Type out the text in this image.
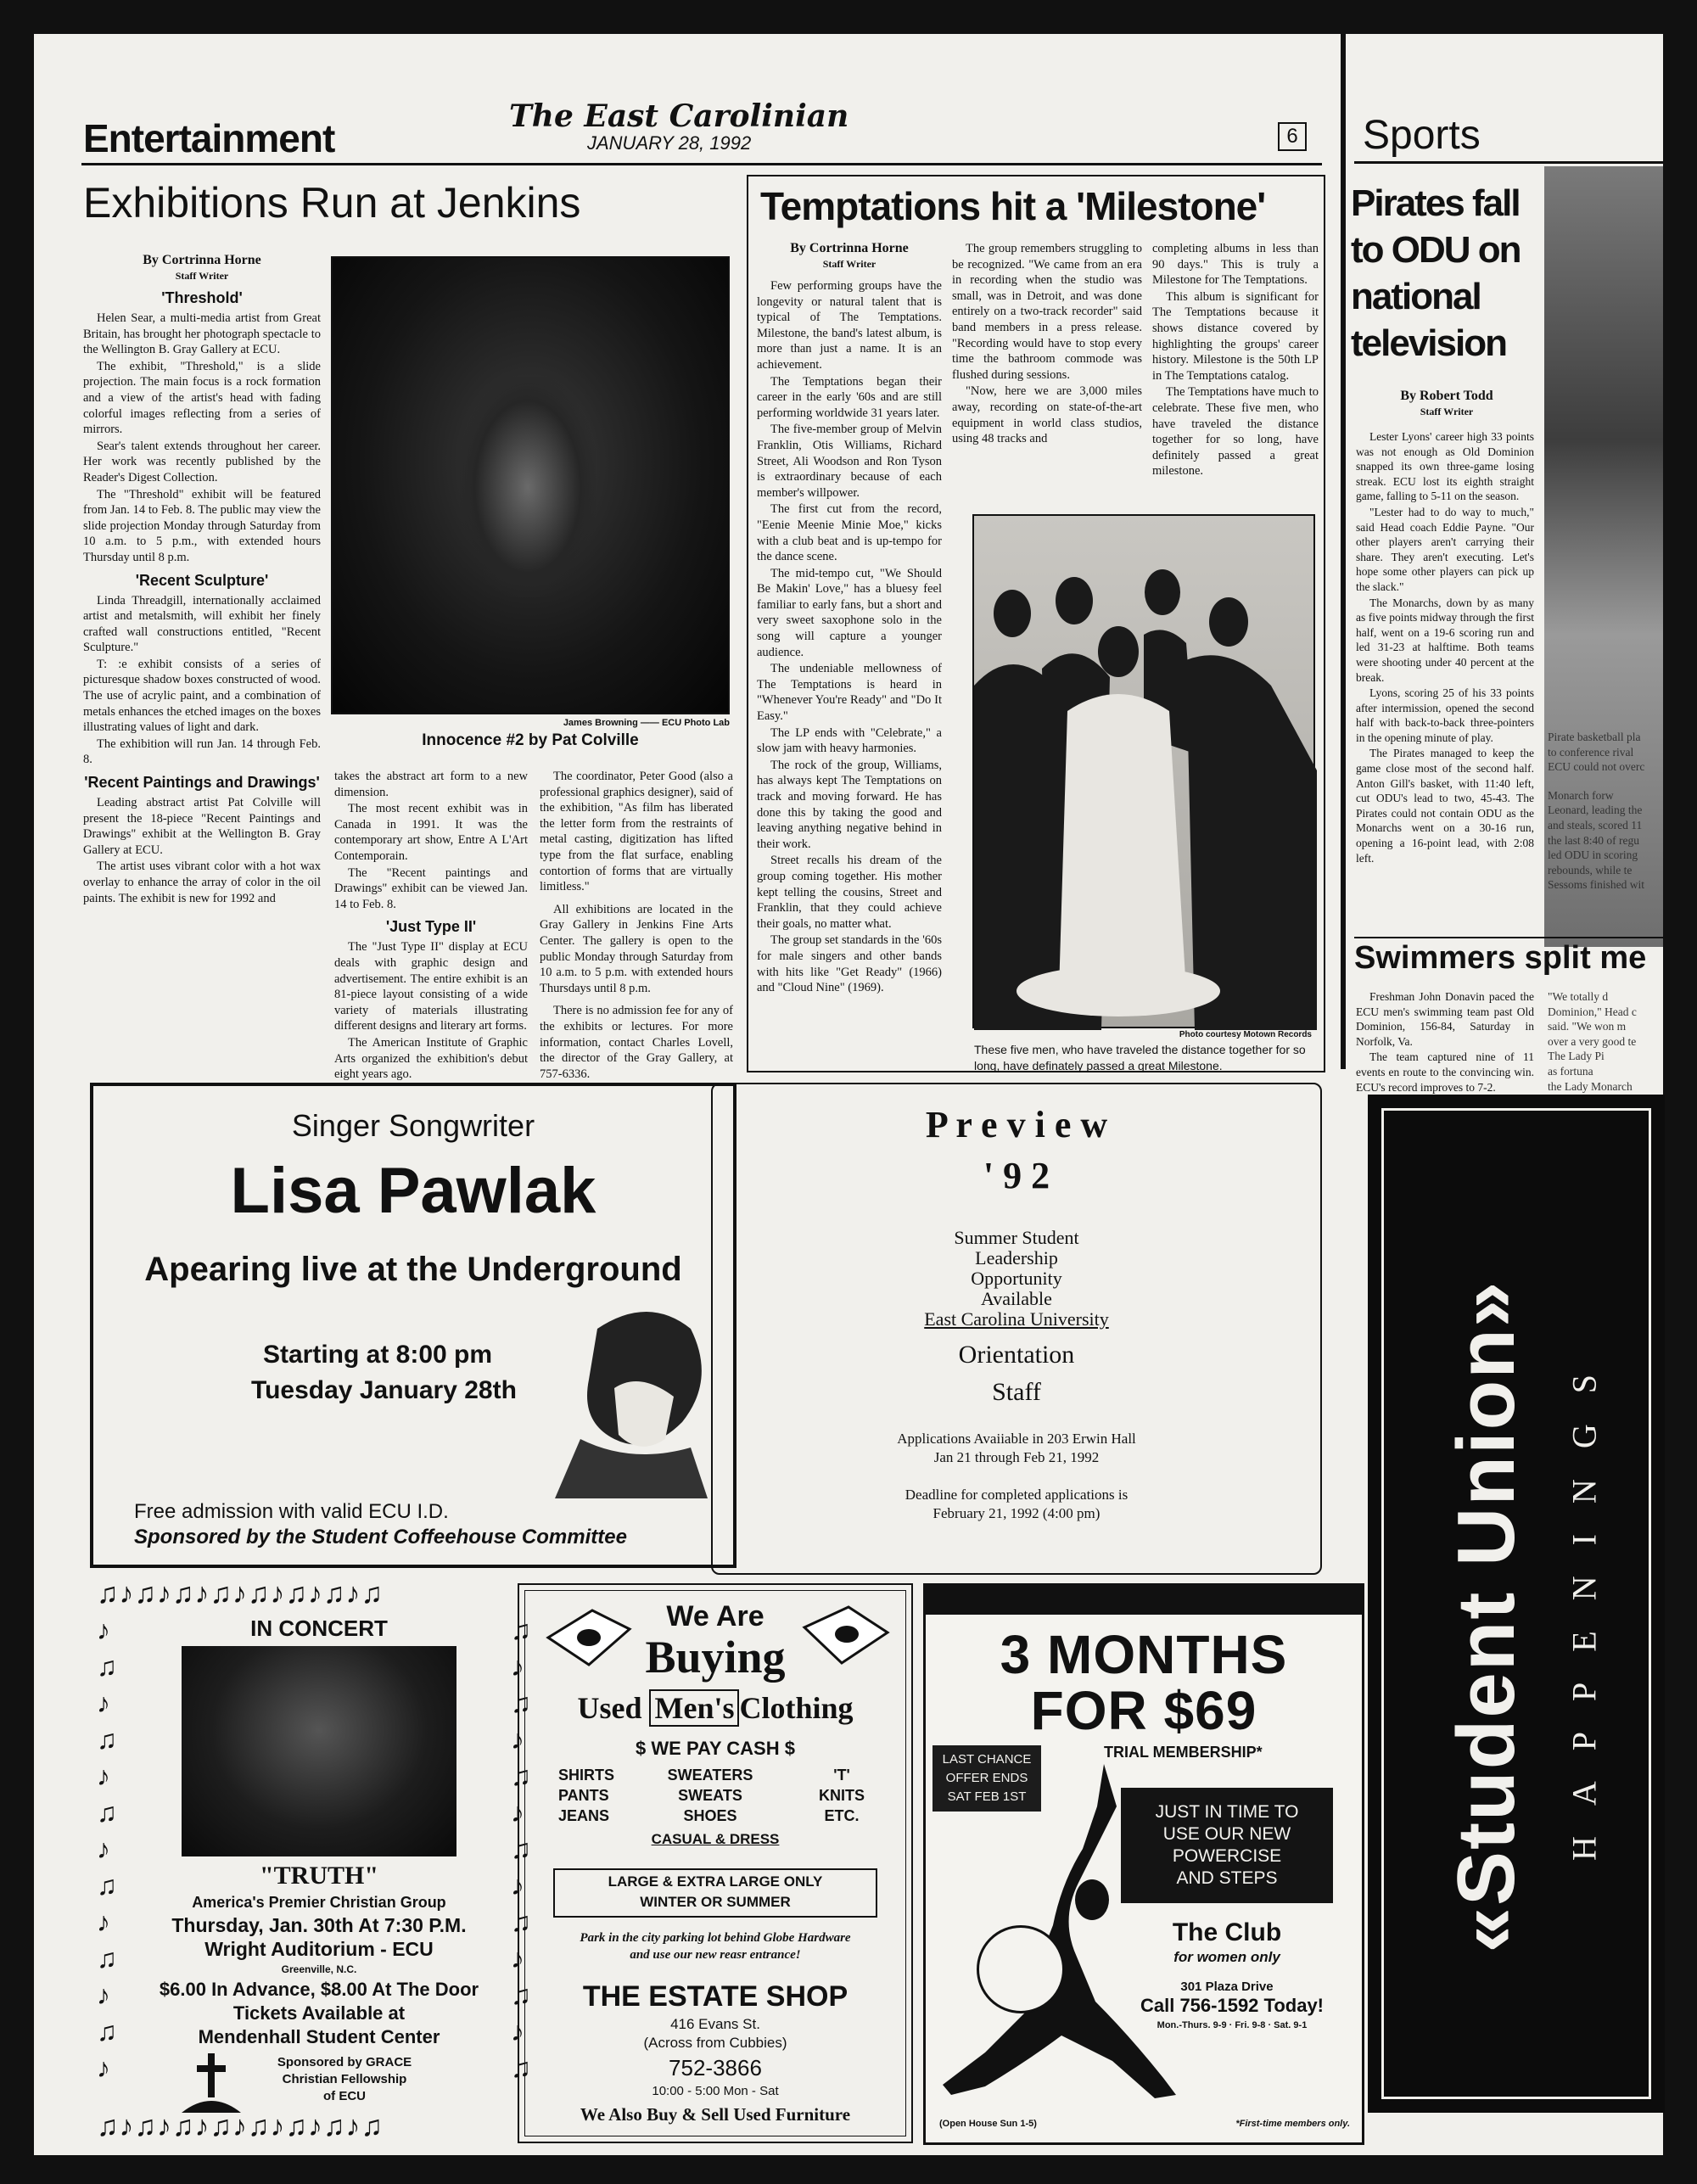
Entertainment	The East Carolinian
JANUARY 28, 1992	6 Sports
Exhibitions Run at Jenkins
By Cortrinna Horne
Staff Writer
'Threshold'

Helen Sear, a multi-media artist from Great Britain, has brought her photograph spectacle to the Wellington B. Gray Gallery at ECU.

The exhibit, "Threshold," is a slide projection. The main focus is a rock formation and a view of the artist's head with fading colorful images reflecting from a series of mirrors.

Sear's talent extends throughout her career. Her work was recently published by the Reader's Digest Collection.

The "Threshold" exhibit will be featured from Jan. 14 to Feb. 8. The public may view the slide projection Monday through Saturday from 10 a.m. to 5 p.m., with extended hours Thursday until 8 p.m.

'Recent Sculpture'

Linda Threadgill, internationally acclaimed artist and metalsmith, will exhibit her finely crafted wall constructions entitled, "Recent Sculpture."

T: :e exhibit consists of a series of picturesque shadow boxes constructed of wood. The use of acrylic paint, and a combination of metals enhances the etched images on the boxes illustrating values of light and dark.

The exhibition will run Jan. 14 through Feb. 8.

'Recent Paintings and Drawings'

Leading abstract artist Pat Colville will present the 18-piece "Recent Paintings and Drawings" exhibit at the Wellington B. Gray Gallery at ECU.

The artist uses vibrant color with a hot wax overlay to enhance the array of color in the oil paints. The exhibit is new for 1992 and

James Browning —— ECU Photo Lab
Innocence #2 by Pat Colville

takes the abstract art form to a new dimension.

The most recent exhibit was in Canada in 1991. It was the contemporary art show, Entre A L'Art Contemporain.

The "Recent paintings and Drawings" exhibit can be viewed Jan. 14 to Feb. 8.

'Just Type II'

The "Just Type II" display at ECU deals with graphic design and advertisement. The entire exhibit is an 81-piece layout consisting of a wide variety of materials illustrating different designs and literary art forms.

The American Institute of Graphic Arts organized the exhibition's debut eight years ago.

The coordinator, Peter Good (also a professional graphics designer), said of the exhibition, "As film has liberated the letter form from the restraints of metal casting, digitization has lifted type from the flat surface, enabling contortion of forms that are virtually limitless."

All exhibitions are located in the Gray Gallery in Jenkins Fine Arts Center. The gallery is open to the public Monday through Saturday from 10 a.m. to 5 p.m. with extended hours Thursdays until 8 p.m.

There is no admission fee for any of the exhibits or lectures. For more information, contact Charles Lovell, the director of the Gray Gallery, at 757-6336.

Temptations hit a 'Milestone'
By Cortrinna Horne
Staff Writer

Few performing groups have the longevity or natural talent that is typical of The Temptations. Milestone, the band's latest album, is more than just a name. It is an achievement.

The Temptations began their career in the early '60s and are still performing worldwide 31 years later.

The five-member group of Melvin Franklin, Otis Williams, Richard Street, Ali Woodson and Ron Tyson is extraordinary because of each member's willpower.

The first cut from the record, "Eenie Meenie Minie Moe," kicks with a club beat and is up-tempo for the dance scene.

The mid-tempo cut, "We Should Be Makin' Love," has a bluesy feel familiar to early fans, but a short and very sweet saxophone solo in the song will capture a younger audience.

The undeniable mellowness of The Temptations is heard in "Whenever You're Ready" and "Do It Easy."

The LP ends with "Celebrate," a slow jam with heavy harmonies.

The rock of the group, Williams, has always kept The Temptations on track and moving forward. He has done this by taking the good and leaving anything negative behind in their work.

Street recalls his dream of the group coming together. His mother kept telling the cousins, Street and Franklin, that they could achieve their goals, no matter what.

The group set standards in the '60s for male singers and other bands with hits like "Get Ready" (1966) and "Cloud Nine" (1969).

The group remembers struggling to be recognized. "We came from an era in recording when the studio was small, was in Detroit, and was done entirely on a two-track recorder" said band members in a press release. "Recording would have to stop every time the bathroom commode was flushed during sessions.

"Now, here we are 3,000 miles away, recording on state-of-the-art equipment in world class studios, using 48 tracks and

completing albums in less than 90 days." This is truly a Milestone for The Temptations.

This album is significant for The Temptations because it shows distance covered by highlighting the groups' career history. Milestone is the 50th LP in The Temptations catalog.

The Temptations have much to celebrate. These five men, who have traveled the distance together for so long, have definitely passed a great milestone.

Photo courtesy Motown Records
These five men, who have traveled the distance together for so long, have definately passed a great Milestone.
Pirates fall to ODU on national television
By Robert Todd
Staff Writer

Lester Lyons' career high 33 points was not enough as Old Dominion snapped its own three-game losing streak. ECU lost its eighth straight game, falling to 5-11 on the season.

"Lester had to do way to much," said Head coach Eddie Payne. "Our other players aren't carrying their share. They aren't executing. Let's hope some other players can pick up the slack."

The Monarchs, down by as many as five points midway through the first half, went on a 19-6 scoring run and led 31-23 at halftime. Both teams were shooting under 40 percent at the break.

Lyons, scoring 25 of his 33 points after intermission, opened the second half with back-to-back three-pointers in the opening minute of play.

The Pirates managed to keep the game close most of the second half. Anton Gill's basket, with 11:40 left, cut ODU's lead to two, 45-43. The Pirates could not contain ODU as the Monarchs went on a 30-16 run, opening a 16-point lead, with 2:08 left.

Pirate basketball pla
to conference rival
ECU could not overc
Monarch forw
Leonard, leading the
and steals, scored 11
the last 8:40 of regu
led ODU in scoring
rebounds, while te
Sessoms finished wit
Swimmers split me

Freshman John Donavin paced the ECU men's swimming team past Old Dominion, 156-84, Saturday in Norfolk, Va.

The team captured nine of 11 events en route to the convincing win. ECU's record improves to 7-2.

"We totally d
Dominion," Head c
said. "We won m
over a very good te
The Lady Pi
as fortuna
the Lady Monarch
Singer Songwriter
Lisa Pawlak
Apearing live at the Underground
Starting at 8:00 pm
Tuesday January 28th
Free admission with valid ECU I.D.
Sponsored by the Student Coffeehouse Committee
P r e v i e w
' 9 2
Summer Student
Leadership
Opportunity
Available
East Carolina University
Orientation
Staff
Applications Avaiiable in 203 Erwin Hall
Jan 21 through Feb 21, 1992
Deadline for completed applications is
February 21, 1992 (4:00 pm)	«Student Union» HAPPENINGS
♫♪♫♪♫♪♫♪♫♪♫♪♫♪♫
♪
♫
♪
♫
♪
♫
♪
♫
♪
♫
♪
♫
♪
♫
♪
♫
♪
♫
♪
♫
♪
♫
♪
♫
♪
♫
IN CONCERT
"TRUTH"
America's Premier Christian Group
Thursday, Jan. 30th At 7:30 P.M.
Wright Auditorium - ECU
Greenville, N.C.
$6.00 In Advance, $8.00 At The Door
Tickets Available at
Mendenhall Student Center
Sponsored by GRACE
Christian Fellowship
of ECU
♫♪♫♪♫♪♫♪♫♪♫♪♫♪♫
We Are
Buying
Used Men's Clothing
$ WE PAY CASH $
SHIRTS
PANTS
JEANS
SWEATERS
SWEATS
SHOES
'T'
KNITS
ETC.
CASUAL & DRESS
LARGE & EXTRA LARGE ONLY
WINTER OR SUMMER
Park in the city parking lot behind Globe Hardware
and use our new reasr entrance!
THE ESTATE SHOP
416 Evans St.
(Across from Cubbies)
752-3866
10:00 - 5:00 Mon - Sat
We Also Buy & Sell Used Furniture
3 MONTHS
FOR $69
TRIAL MEMBERSHIP*
LAST CHANCE
OFFER ENDS
SAT FEB 1ST
JUST IN TIME TO
USE OUR NEW
POWERCISE
AND STEPS
The Club
for women only
301 Plaza Drive
Call 756-1592 Today!
Mon.-Thurs. 9-9 · Fri. 9-8 · Sat. 9-1
(Open House Sun 1-5)	*First-time members only.
